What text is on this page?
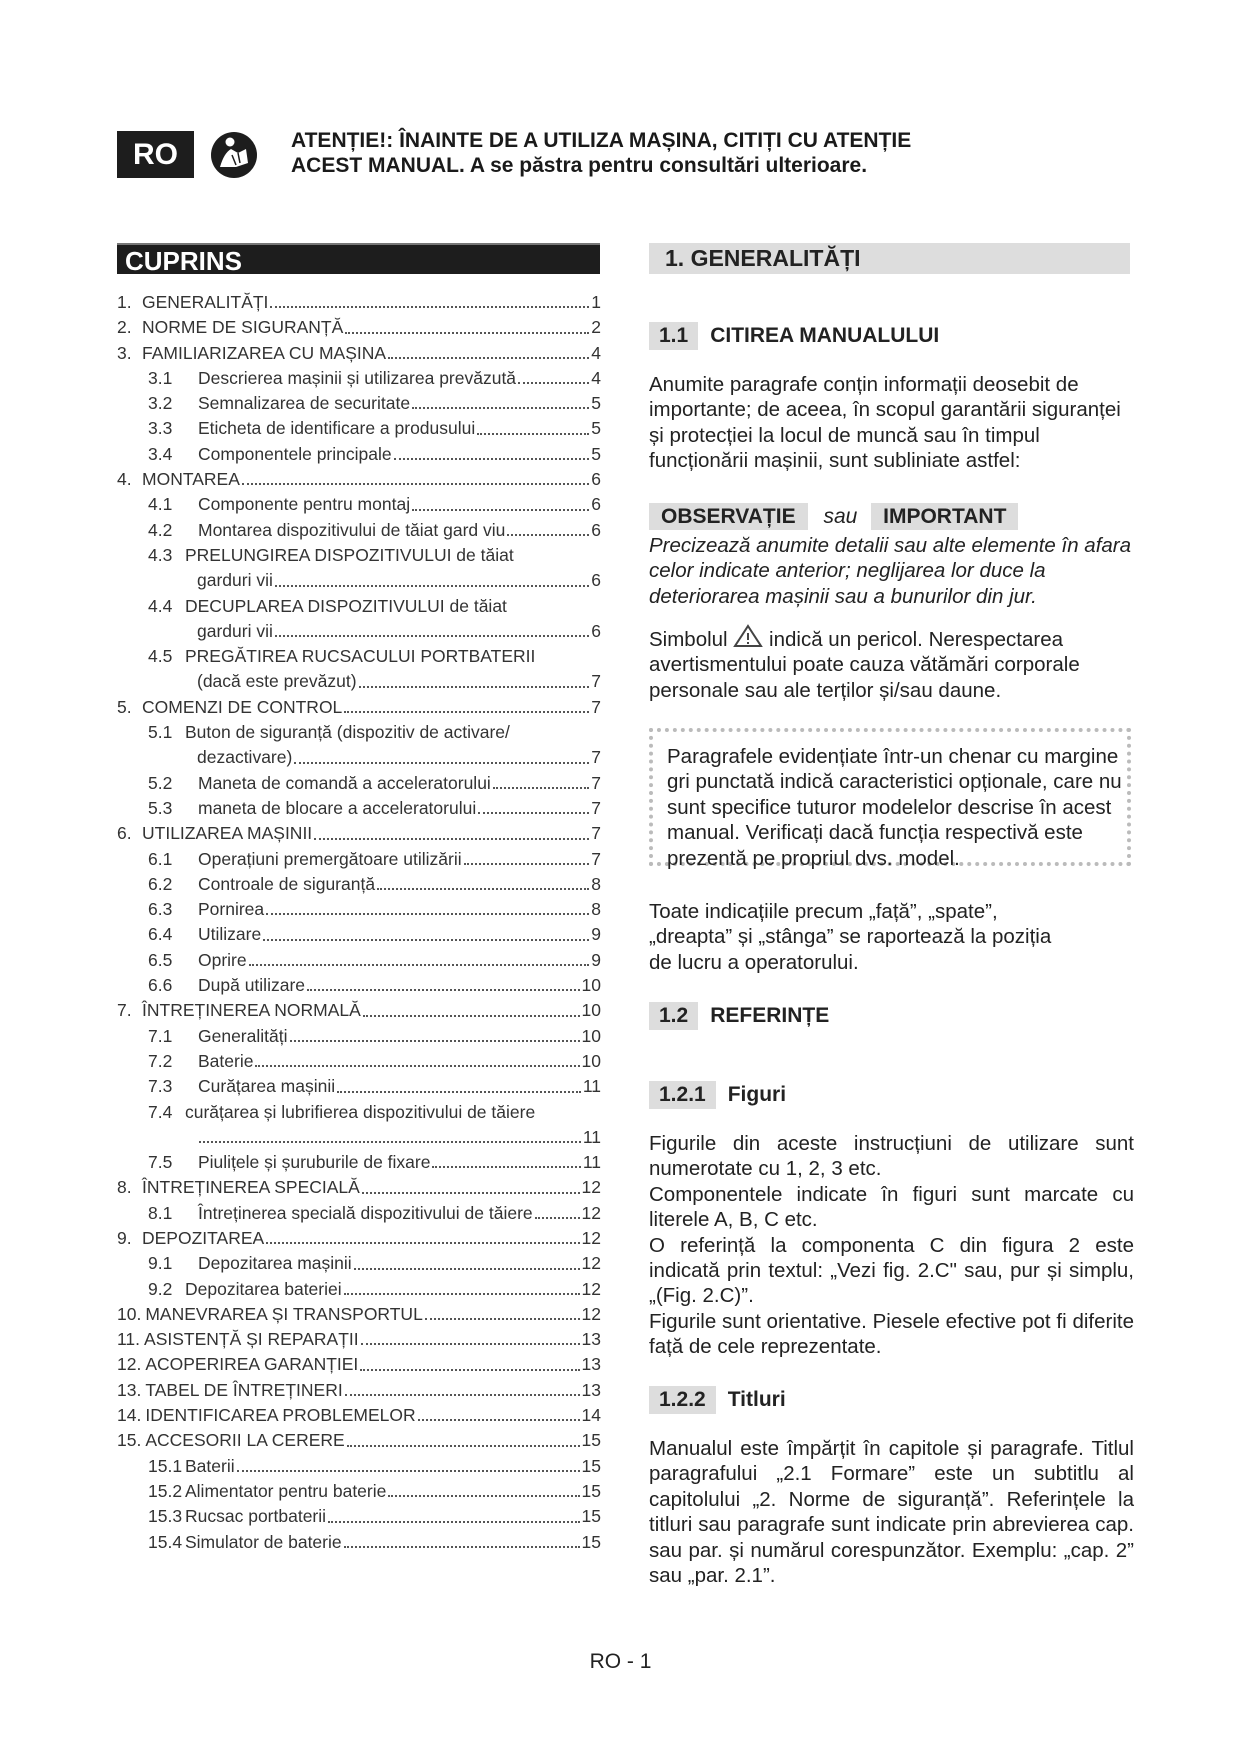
RO	ATENȚIE!: ÎNAINTE DE A UTILIZA MAȘINA, CITIȚI CU ATENȚIE
ACEST MANUAL. A se păstra pentru consultări ulterioare.
CUPRINS	1. GENERALITĂȚI
1. GENERALITĂȚI	1
2. NORME DE SIGURANȚĂ	2
3. FAMILIARIZAREA CU MAȘINA	4
3.1	Descrierea mașinii și utilizarea prevăzută	4
3.2	Semnalizarea de securitate	5
3.3	Eticheta de identificare a produsului	5
3.4	Componentele principale	5
4. MONTAREA	6
4.1	Componente pentru montaj	6
4.2	Montarea dispozitivului de tăiat gard viu	6
4.3 PRELUNGIREA DISPOZITIVULUI de tăiat
garduri vii	6
4.4 DECUPLAREA DISPOZITIVULUI de tăiat
garduri vii	6
4.5 PREGĂTIREA RUCSACULUI PORTBATERII
(dacă este prevăzut)	7
5. COMENZI DE CONTROL	7
5.1 Buton de siguranță (dispozitiv de activare/
dezactivare)	7
5.2	Maneta de comandă a acceleratorului	7
5.3	maneta de blocare a acceleratorului	7
6. UTILIZAREA MAȘINII	7
6.1	Operațiuni premergătoare utilizării	7
6.2	Controale de siguranță	8
6.3	Pornirea	8
6.4	Utilizare	9
6.5	Oprire	9
6.6	După utilizare	10
7. ÎNTREȚINEREA NORMALĂ	10
7.1	Generalități	10
7.2	Baterie	10
7.3	Curățarea mașinii	11
7.4 curățarea și lubrifierea dispozitivului de tăiere
11
7.5	Piulițele și șuruburile de fixare	11
8. ÎNTREȚINEREA SPECIALĂ	12
8.1	Întreținerea specială dispozitivului de tăiere	12
9. DEPOZITAREA	12
9.1	Depozitarea mașinii	12
9.2 Depozitarea bateriei	12
10. MANEVRAREA ȘI TRANSPORTUL	12
11. ASISTENȚĂ ȘI REPARAȚII	13
12. ACOPERIREA GARANȚIEI	13
13. TABEL DE ÎNTREȚINERI	13
14. IDENTIFICAREA PROBLEMELOR	14
15. ACCESORII LA CERERE	15
15.1 Baterii	15
15.2 Alimentator pentru baterie	15
15.3 Rucsac portbaterii	15
15.4 Simulator de baterie	15
1.1 CITIREA MANUALULUI
Anumite paragrafe conțin informații deosebit de importante; de aceea, în scopul garantării siguranței și protecției la locul de muncă sau în timpul funcționării mașinii, sunt subliniate astfel:
OBSERVAȚIE sau IMPORTANT
Precizează anumite detalii sau alte elemente în afara celor indicate anterior; neglijarea lor duce la deteriorarea mașinii sau a bunurilor din jur.
Simbolul indică un pericol. Nerespectarea avertismentului poate cauza vătămări corporale personale sau ale terților și/sau daune.
Paragrafele evidențiate într-un chenar cu margine gri punctată indică caracteristici opționale, care nu sunt specifice tuturor modelelor descrise în acest manual. Verificați dacă funcția respectivă este prezentă pe propriul dvs. model.
Toate indicațiile precum „față”, „spate”, „dreapta” și „stânga” se raportează la poziția de lucru a operatorului.
1.2 REFERINȚE
1.2.1 Figuri
Figurile din aceste instrucțiuni de utilizare sunt numerotate cu 1, 2, 3 etc.
Componentele indicate în figuri sunt marcate cu literele A, B, C etc.
O referință la componenta C din figura 2 este indicată prin textul: „Vezi fig. 2.C" sau, pur și simplu, „(Fig. 2.C)”.
Figurile sunt orientative. Piesele efective pot fi diferite față de cele reprezentate.
1.2.2 Titluri
Manualul este împărțit în capitole și paragrafe. Titlul paragrafului „2.1 Formare” este un subtitlu al capitolului „2. Norme de siguranță”. Referințele la titluri sau paragrafe sunt indicate prin abrevierea cap. sau par. și numărul corespunzător. Exemplu: „cap. 2” sau „par. 2.1”.
RO - 1
